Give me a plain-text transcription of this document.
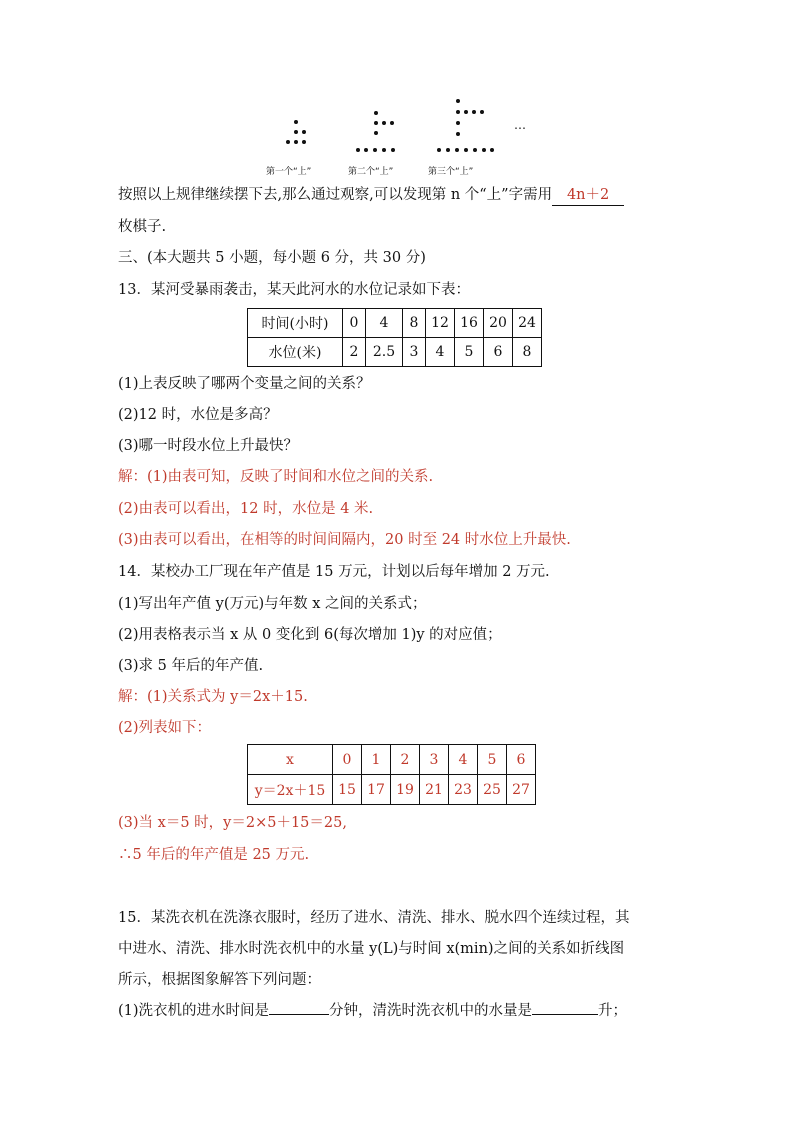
…
第一个“上”	第二个“上”	第三个“上”
按照以上规律继续摆下去,那么通过观察,可以发现第 n 个“上”字需用 4n＋2
枚棋子.
三、(本大题共 5 小题，每小题 6 分，共 30 分)
13．某河受暴雨袭击，某天此河水的水位记录如下表：
时间(小时)	0	4	8	12	16	20	24
水位(米)	2	2.5	3	4	5	6	8
(1)上表反映了哪两个变量之间的关系？
(2)12 时，水位是多高？
(3)哪一时段水位上升最快？
解：(1)由表可知，反映了时间和水位之间的关系.
(2)由表可以看出，12 时，水位是 4 米.
(3)由表可以看出，在相等的时间间隔内，20 时至 24 时水位上升最快.
14．某校办工厂现在年产值是 15 万元，计划以后每年增加 2 万元.
(1)写出年产值 y(万元)与年数 x 之间的关系式；
(2)用表格表示当 x 从 0 变化到 6(每次增加 1)y 的对应值；
(3)求 5 年后的年产值.
解：(1)关系式为 y＝2x＋15.
(2)列表如下：
x	0	1	2	3	4	5	6
y＝2x＋15	15	17	19	21	23	25	27
(3)当 x＝5 时，y＝2×5＋15＝25,
∴5 年后的年产值是 25 万元.
15．某洗衣机在洗涤衣服时，经历了进水、清洗、排水、脱水四个连续过程，其
中进水、清洗、排水时洗衣机中的水量 y(L)与时间 x(min)之间的关系如折线图
所示，根据图象解答下列问题：
(1)洗衣机的进水时间是	分钟，清洗时洗衣机中的水量是	升；
